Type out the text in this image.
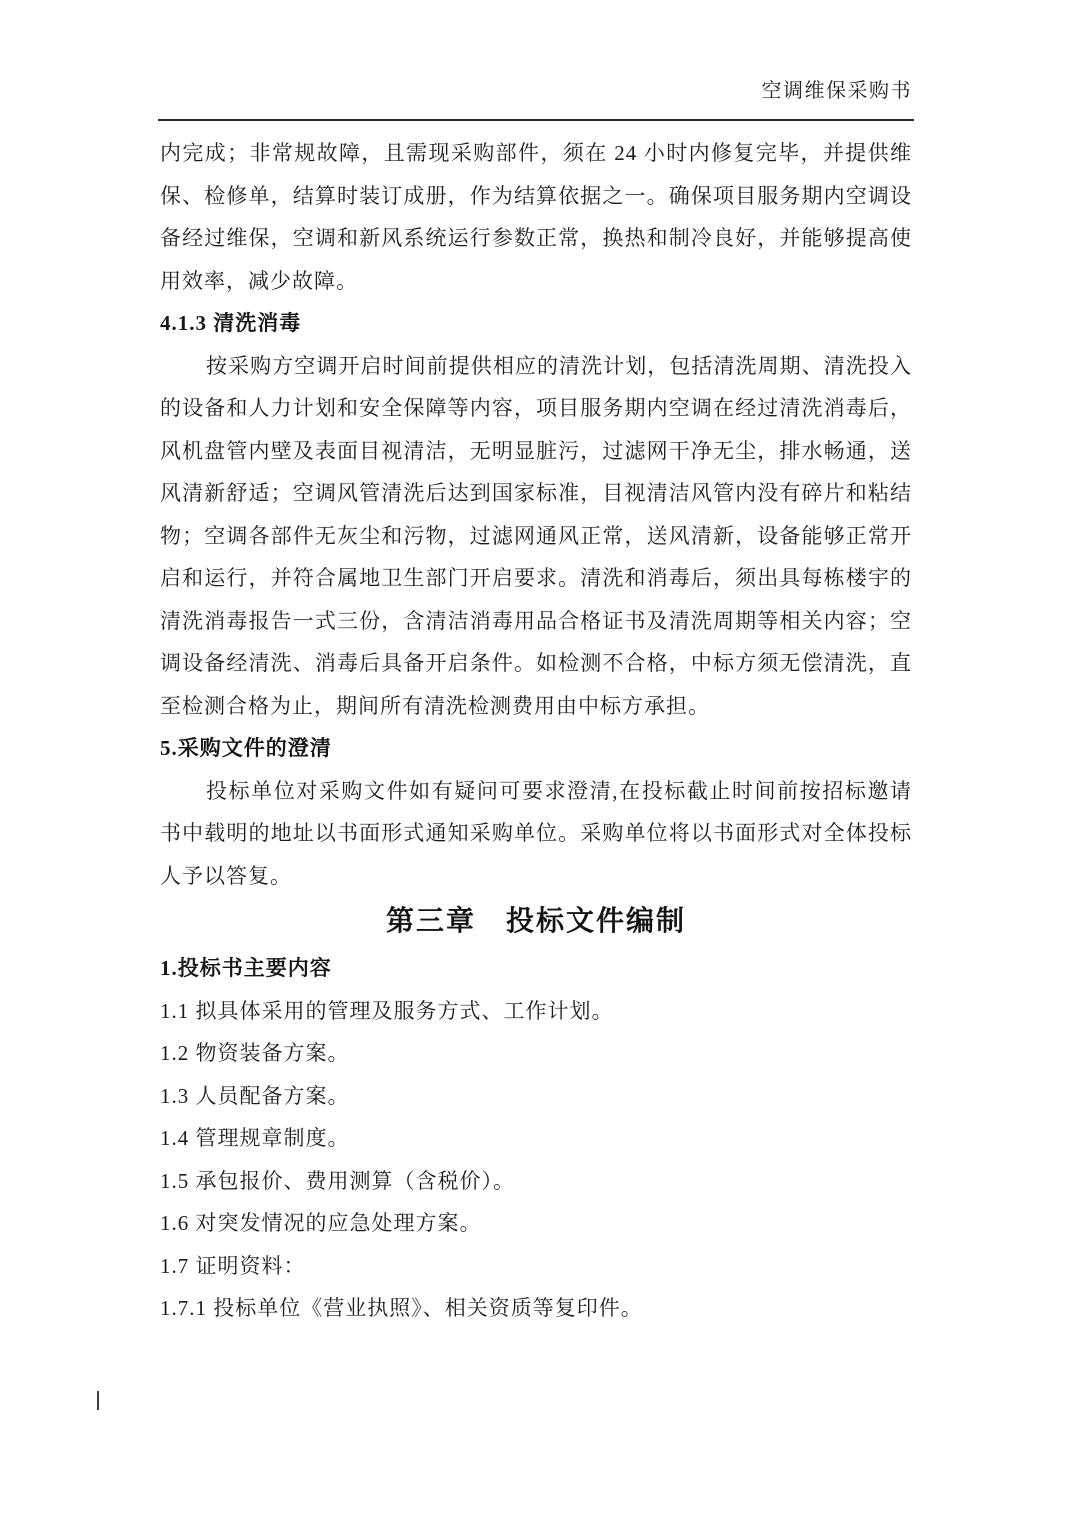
空调维保采购书

内完成；非常规故障，且需现采购部件，须在 24 小时内修复完毕，并提供维保、检修单，结算时装订成册，作为结算依据之一。确保项目服务期内空调设备经过维保，空调和新风系统运行参数正常，换热和制冷良好，并能够提高使用效率，减少故障。

4.1.3 清洗消毒

按采购方空调开启时间前提供相应的清洗计划，包括清洗周期、清洗投入的设备和人力计划和安全保障等内容，项目服务期内空调在经过清洗消毒后，风机盘管内壁及表面目视清洁，无明显脏污，过滤网干净无尘，排水畅通，送风清新舒适；空调风管清洗后达到国家标准，目视清洁风管内没有碎片和粘结物；空调各部件无灰尘和污物，过滤网通风正常，送风清新，设备能够正常开启和运行，并符合属地卫生部门开启要求。清洗和消毒后，须出具每栋楼宇的清洗消毒报告一式三份，含清洁消毒用品合格证书及清洗周期等相关内容；空调设备经清洗、消毒后具备开启条件。如检测不合格，中标方须无偿清洗，直至检测合格为止，期间所有清洗检测费用由中标方承担。

5.采购文件的澄清

投标单位对采购文件如有疑问可要求澄清,在投标截止时间前按招标邀请书中载明的地址以书面形式通知采购单位。采购单位将以书面形式对全体投标人予以答复。

第三章　投标文件编制

1.投标书主要内容

1.1 拟具体采用的管理及服务方式、工作计划。

1.2 物资装备方案。

1.3 人员配备方案。

1.4 管理规章制度。

1.5 承包报价、费用测算（含税价）。

1.6 对突发情况的应急处理方案。

1.7 证明资料：

1.7.1 投标单位《营业执照》、相关资质等复印件。
